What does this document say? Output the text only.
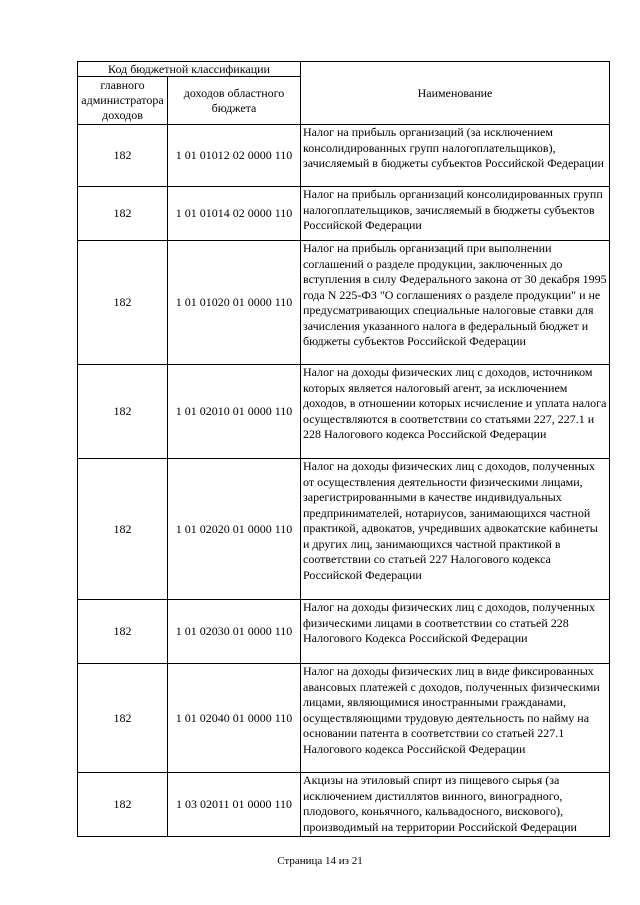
Код бюджетной классификации		Наименование
главного администратора доходов	доходов областного бюджета	
182	1 01 01012 02 0000 110	Налог на прибыль организаций (за исключением консолидированных групп налогоплательщиков), зачисляемый в бюджеты субъектов Российской Федерации
182	1 01 01014 02 0000 110	Налог на прибыль организаций консолидированных групп налогоплательщиков, зачисляемый в бюджеты субъектов Российской Федерации
182	1 01 01020 01 0000 110	Налог на прибыль организаций при выполнении соглашений о разделе продукции, заключенных до вступления в силу Федерального закона от 30 декабря 1995 года N 225-ФЗ "О соглашениях о разделе продукции" и не предусматривающих специальные налоговые ставки для зачисления указанного налога в федеральный бюджет и бюджеты субъектов Российской Федерации
182	1 01 02010 01 0000 110	Налог на доходы физических лиц с доходов, источником которых является налоговый агент, за исключением доходов, в отношении которых исчисление и уплата налога осуществляются в соответствии со статьями 227, 227.1 и 228 Налогового кодекса Российской Федерации
182	1 01 02020 01 0000 110	Налог на доходы физических лиц с доходов, полученных от осуществления деятельности физическими лицами, зарегистрированными в качестве индивидуальных предпринимателей, нотариусов, занимающихся частной практикой, адвокатов, учредивших адвокатские кабинеты и других лиц, занимающихся частной практикой в соответствии со статьей 227 Налогового кодекса Российской Федерации
182	1 01 02030 01 0000 110	Налог на доходы физических лиц с доходов, полученных физическими лицами в соответствии со статьей 228 Налогового Кодекса Российской Федерации
182	1 01 02040 01 0000 110	Налог на доходы физических лиц в виде фиксированных авансовых платежей с доходов, полученных физическими лицами, являющимися иностранными гражданами, осуществляющими трудовую деятельность по найму на основании патента в соответствии со статьей 227.1 Налогового кодекса Российской Федерации
182	1 03 02011 01 0000 110	Акцизы на этиловый спирт из пищевого сырья (за исключением дистиллятов винного, виноградного, плодового, коньячного, кальвадосного, вискового), производимый на территории Российской Федерации
Страница 14 из 21
